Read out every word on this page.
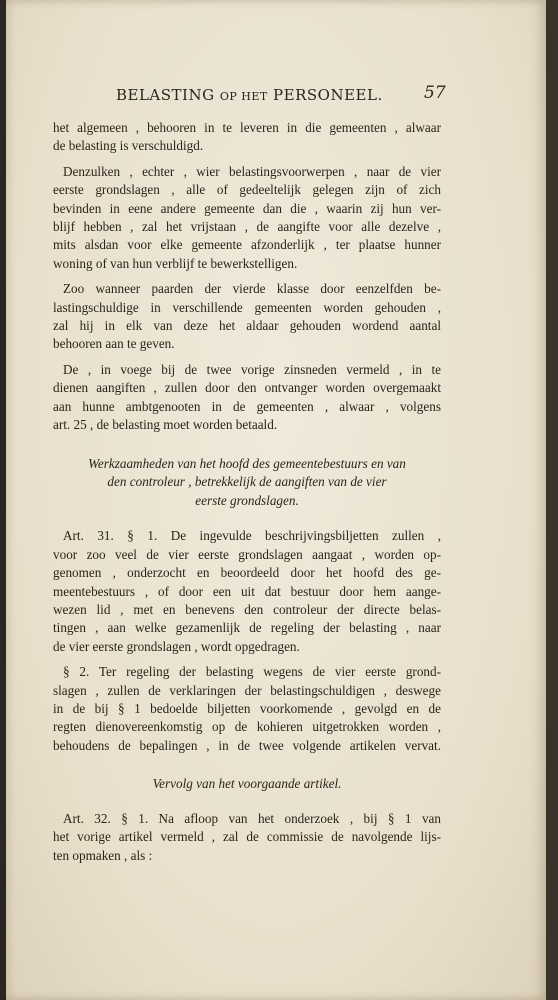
BELASTING OP HET PERSONEEL.	57

het algemeen , behooren in te leveren in die gemeenten , alwaar
de belasting is verschuldigd.

Denzulken , echter , wier belastingsvoorwerpen , naar de vier
eerste grondslagen , alle of gedeeltelijk gelegen zijn of zich
bevinden in eene andere gemeente dan die , waarin zij hun ver-
blijf hebben , zal het vrijstaan , de aangifte voor alle dezelve ,
mits alsdan voor elke gemeente afzonderlijk , ter plaatse hunner
woning of van hun verblijf te bewerkstelligen.

Zoo wanneer paarden der vierde klasse door eenzelfden be-
lastingschuldige in verschillende gemeenten worden gehouden ,
zal hij in elk van deze het aldaar gehouden wordend aantal
behooren aan te geven.

De , in voege bij de twee vorige zinsneden vermeld , in te
dienen aangiften , zullen door den ontvanger worden overgemaakt
aan hunne ambtgenooten in de gemeenten , alwaar , volgens
art. 25 , de belasting moet worden betaald.

Werkzaamheden van het hoofd des gemeentebestuurs en van
den controleur , betrekkelijk de aangiften van de vier
eerste grondslagen.

Art. 31. § 1. De ingevulde beschrijvingsbiljetten zullen ,
voor zoo veel de vier eerste grondslagen aangaat , worden op-
genomen , onderzocht en beoordeeld door het hoofd des ge-
meentebestuurs , of door een uit dat bestuur door hem aange-
wezen lid , met en benevens den controleur der directe belas-
tingen , aan welke gezamenlijk de regeling der belasting , naar
de vier eerste grondslagen , wordt opgedragen.

§ 2. Ter regeling der belasting wegens de vier eerste grond-
slagen , zullen de verklaringen der belastingschuldigen , deswege
in de bij § 1 bedoelde biljetten voorkomende , gevolgd en de
regten dienovereenkomstig op de kohieren uitgetrokken worden ,
behoudens de bepalingen , in de twee volgende artikelen vervat.

Vervolg van het voorgaande artikel.

Art. 32. § 1. Na afloop van het onderzoek , bij § 1 van
het vorige artikel vermeld , zal de commissie de navolgende lijs-
ten opmaken , als :
